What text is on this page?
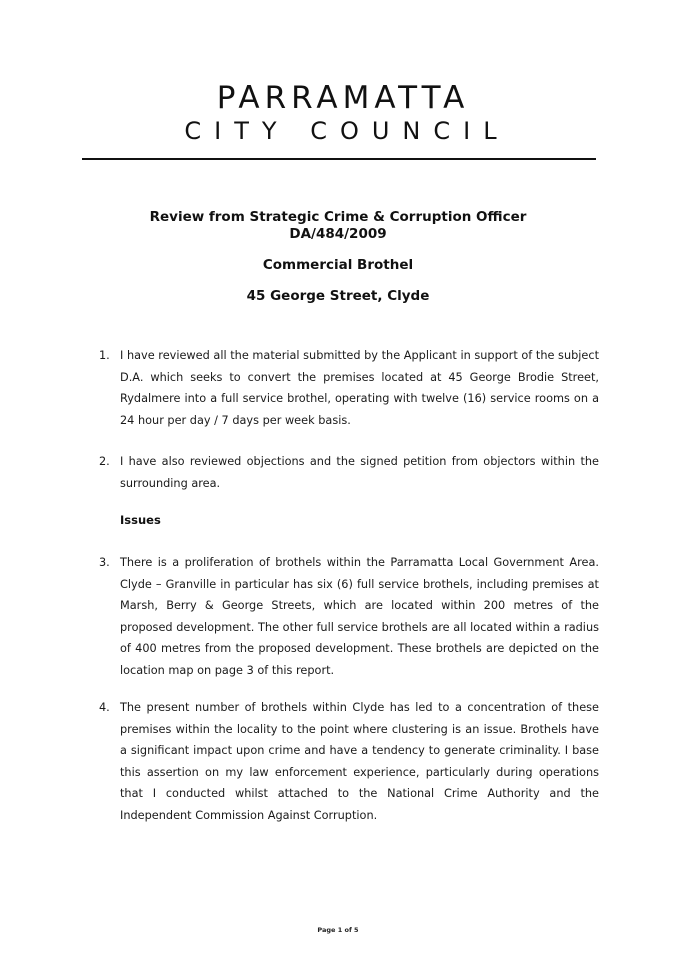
PARRAMATTA
CITY COUNCIL
Review from Strategic Crime & Corruption Officer
DA/484/2009
Commercial Brothel
45 George Street, Clyde
1. I have reviewed all the material submitted by the Applicant in support of the subject D.A. which seeks to convert the premises located at 45 George Brodie Street, Rydalmere into a full service brothel, operating with twelve (16) service rooms on a 24 hour per day / 7 days per week basis.
2. I have also reviewed objections and the signed petition from objectors within the surrounding area.
Issues
3. There is a proliferation of brothels within the Parramatta Local Government Area. Clyde – Granville in particular has six (6) full service brothels, including premises at Marsh, Berry & George Streets, which are located within 200 metres of the proposed development. The other full service brothels are all located within a radius of 400 metres from the proposed development. These brothels are depicted on the location map on page 3 of this report.
4. The present number of brothels within Clyde has led to a concentration of these premises within the locality to the point where clustering is an issue. Brothels have a significant impact upon crime and have a tendency to generate criminality. I base this assertion on my law enforcement experience, particularly during operations that I conducted whilst attached to the National Crime Authority and the Independent Commission Against Corruption.
Page 1 of 5
